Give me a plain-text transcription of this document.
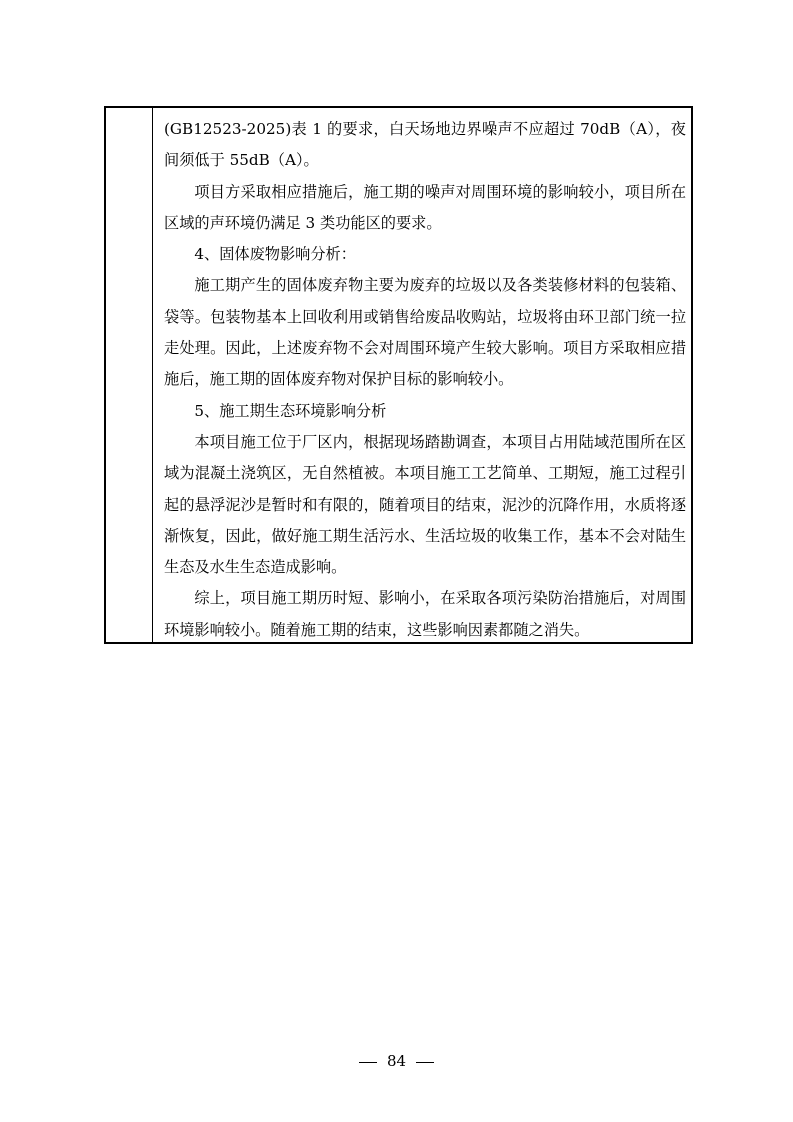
(GB12523-2025)表 1 的要求，白天场地边界噪声不应超过 70dB（A），夜间须低于 55dB（A）。

项目方采取相应措施后，施工期的噪声对周围环境的影响较小，项目所在区域的声环境仍满足 3 类功能区的要求。

4、固体废物影响分析：

施工期产生的固体废弃物主要为废弃的垃圾以及各类装修材料的包装箱、袋等。包装物基本上回收利用或销售给废品收购站，垃圾将由环卫部门统一拉走处理。因此，上述废弃物不会对周围环境产生较大影响。项目方采取相应措施后，施工期的固体废弃物对保护目标的影响较小。

5、施工期生态环境影响分析

本项目施工位于厂区内，根据现场踏勘调查，本项目占用陆域范围所在区域为混凝土浇筑区，无自然植被。本项目施工工艺简单、工期短，施工过程引起的悬浮泥沙是暂时和有限的，随着项目的结束，泥沙的沉降作用，水质将逐渐恢复，因此，做好施工期生活污水、生活垃圾的收集工作，基本不会对陆生生态及水生生态造成影响。

综上，项目施工期历时短、影响小，在采取各项污染防治措施后，对周围环境影响较小。随着施工期的结束，这些影响因素都随之消失。

84
